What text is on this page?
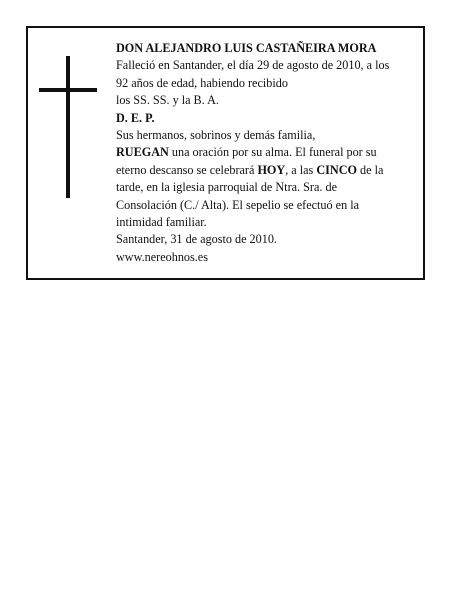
DON ALEJANDRO LUIS CASTAÑEIRA MORA

Falleció en Santander, el día 29 de agosto de 2010, a los

92 años de edad, habiendo recibido

los SS. SS. y la B. A.

D. E. P.

Sus hermanos, sobrinos y demás familia,

RUEGAN una oración por su alma. El funeral por su

eterno descanso se celebrará HOY, a las CINCO de la

tarde, en la iglesia parroquial de Ntra. Sra. de

Consolación (C./ Alta). El sepelio se efectuó en la

intimidad familiar.

Santander, 31 de agosto de 2010.

www.nereohnos.es
